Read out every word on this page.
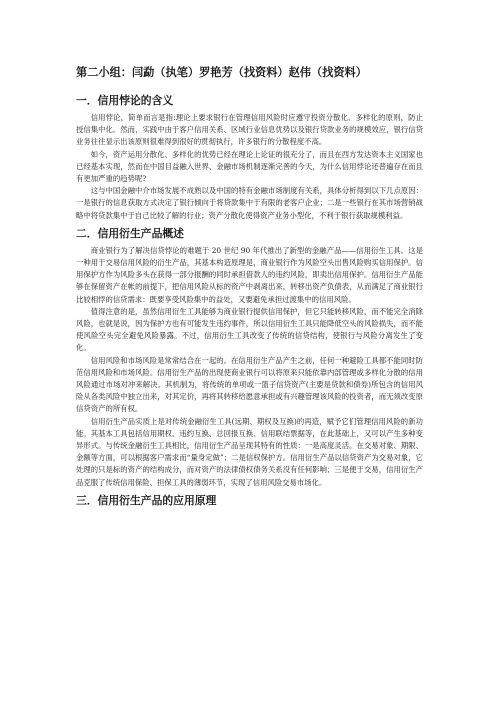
第二小组：闫勐（执笔）罗艳芳（找资料）赵伟（找资料）
一．信用悖论的含义

信用悖论，简单而言是指:理论上要求银行在管理信用风险时应遵守投资分散化、多样化的原则，防止授信集中化。然而，实践中由于客户信用关系、区域行业信息优势以及银行贷款业务的规模效应，银行信贷业务往往显示出该原则很难得到很好的贯彻执行，许多银行的分散程度不高。

如今，资产运用分散化、多样化的优势已经在理论上论证的很充分了，而且在西方发达资本主义国家也已经基本实现，然而在中国目益融入世界、金融市场机制逐渐完善的今天，为什么信用悖论还普遍存在而且有更加严重的趋势呢?

这与中国金融中介市场发展不成熟以及中国的特有金融市场制度有关系，具体分析得到以下几点原因：一是银行的信息获取方式决定了银行倾向于将贷款集中于有限的老客户企业；二是一些银行在其市场营销战略中将贷款集中于自己比较了解的行业；资产分散化使得资产业务小型化，不利于银行获取规模利益。

二．信用衍生产品概述

商业银行为了解决信贷悖论的难题于 20 世纪 90 年代推出了新型的金融产品——信用衍生工具。这是一种用于交易信用风险的衍生产品，其基本构造原理是，商业银行作为风险空头出售风险购买信用保护。信用保护方作为风险多头在获得一部分报酬的同时承担借款人的违约风险，即卖出信用保护。信用衍生产品能够在保留资产在帐的前提下，把信用风险从标的资产中剥离出来，转移出资产负债表，从而满足了商业银行比较相悖的信贷需求：既要享受风险集中的益处，又要避免承担过渡集中的信用风险。

值得注意的是，虽然信用衍生工具能够为商业银行提供信用保护，但它只能转移风险，而不能完全消除风险，也就是说，因为保护方也有可能发生违约事件，所以信用衍生工具只能降低空头的风险损失，而不能使风险空头完全避免风险暴露。不过，信用衍生工具改变了传统的信贷结构，使银行与风险分离发生了变化。

信用风险和市场风险是常常结合在一起的。在信用衍生产品产生之前，任何一种避险工具都不能同时防范信用风险和市场风险。信用衍生产品的出现使商业银行可以将原来只能依靠内部管理或多样化分散的信用风险通过市场对冲来解决。其机制为，将传统的单项或一篮子信贷资产(主要是贷款和债券)所包含的信用风险从各类风险中独立出来，对其定价，再将其转移给愿意承担或有兴趣管理该风险的投资者，而无须改变原信贷资产的所有权。

信用衍生产品实质上是对传统金融衍生工具(远期、期权及互换)的再造，赋予它们管理信用风险的新功能。其基本工具包括信用期权、违约互换、总回报互换、信用联结票据等，在此基础上，又可以产生多种变异形式。与传统金融衍生工具相比，信用衍生产品呈现其特有的性质：一是高度灵活。在交易对象、期限、金额等方面，可以根据客户需求而“量身定做”；二是信权保护方。信用衍生产品以信贷资产为交易对象，它处理的只是标的资产的结构成分，而对资产的法律债权债务关系没有任何影响；三是便于交易，信用衍生产品克服了传统信用保险、担保工具的薄弱环节，实现了信用风险交易市场化。

三．信用衍生产品的应用原理
